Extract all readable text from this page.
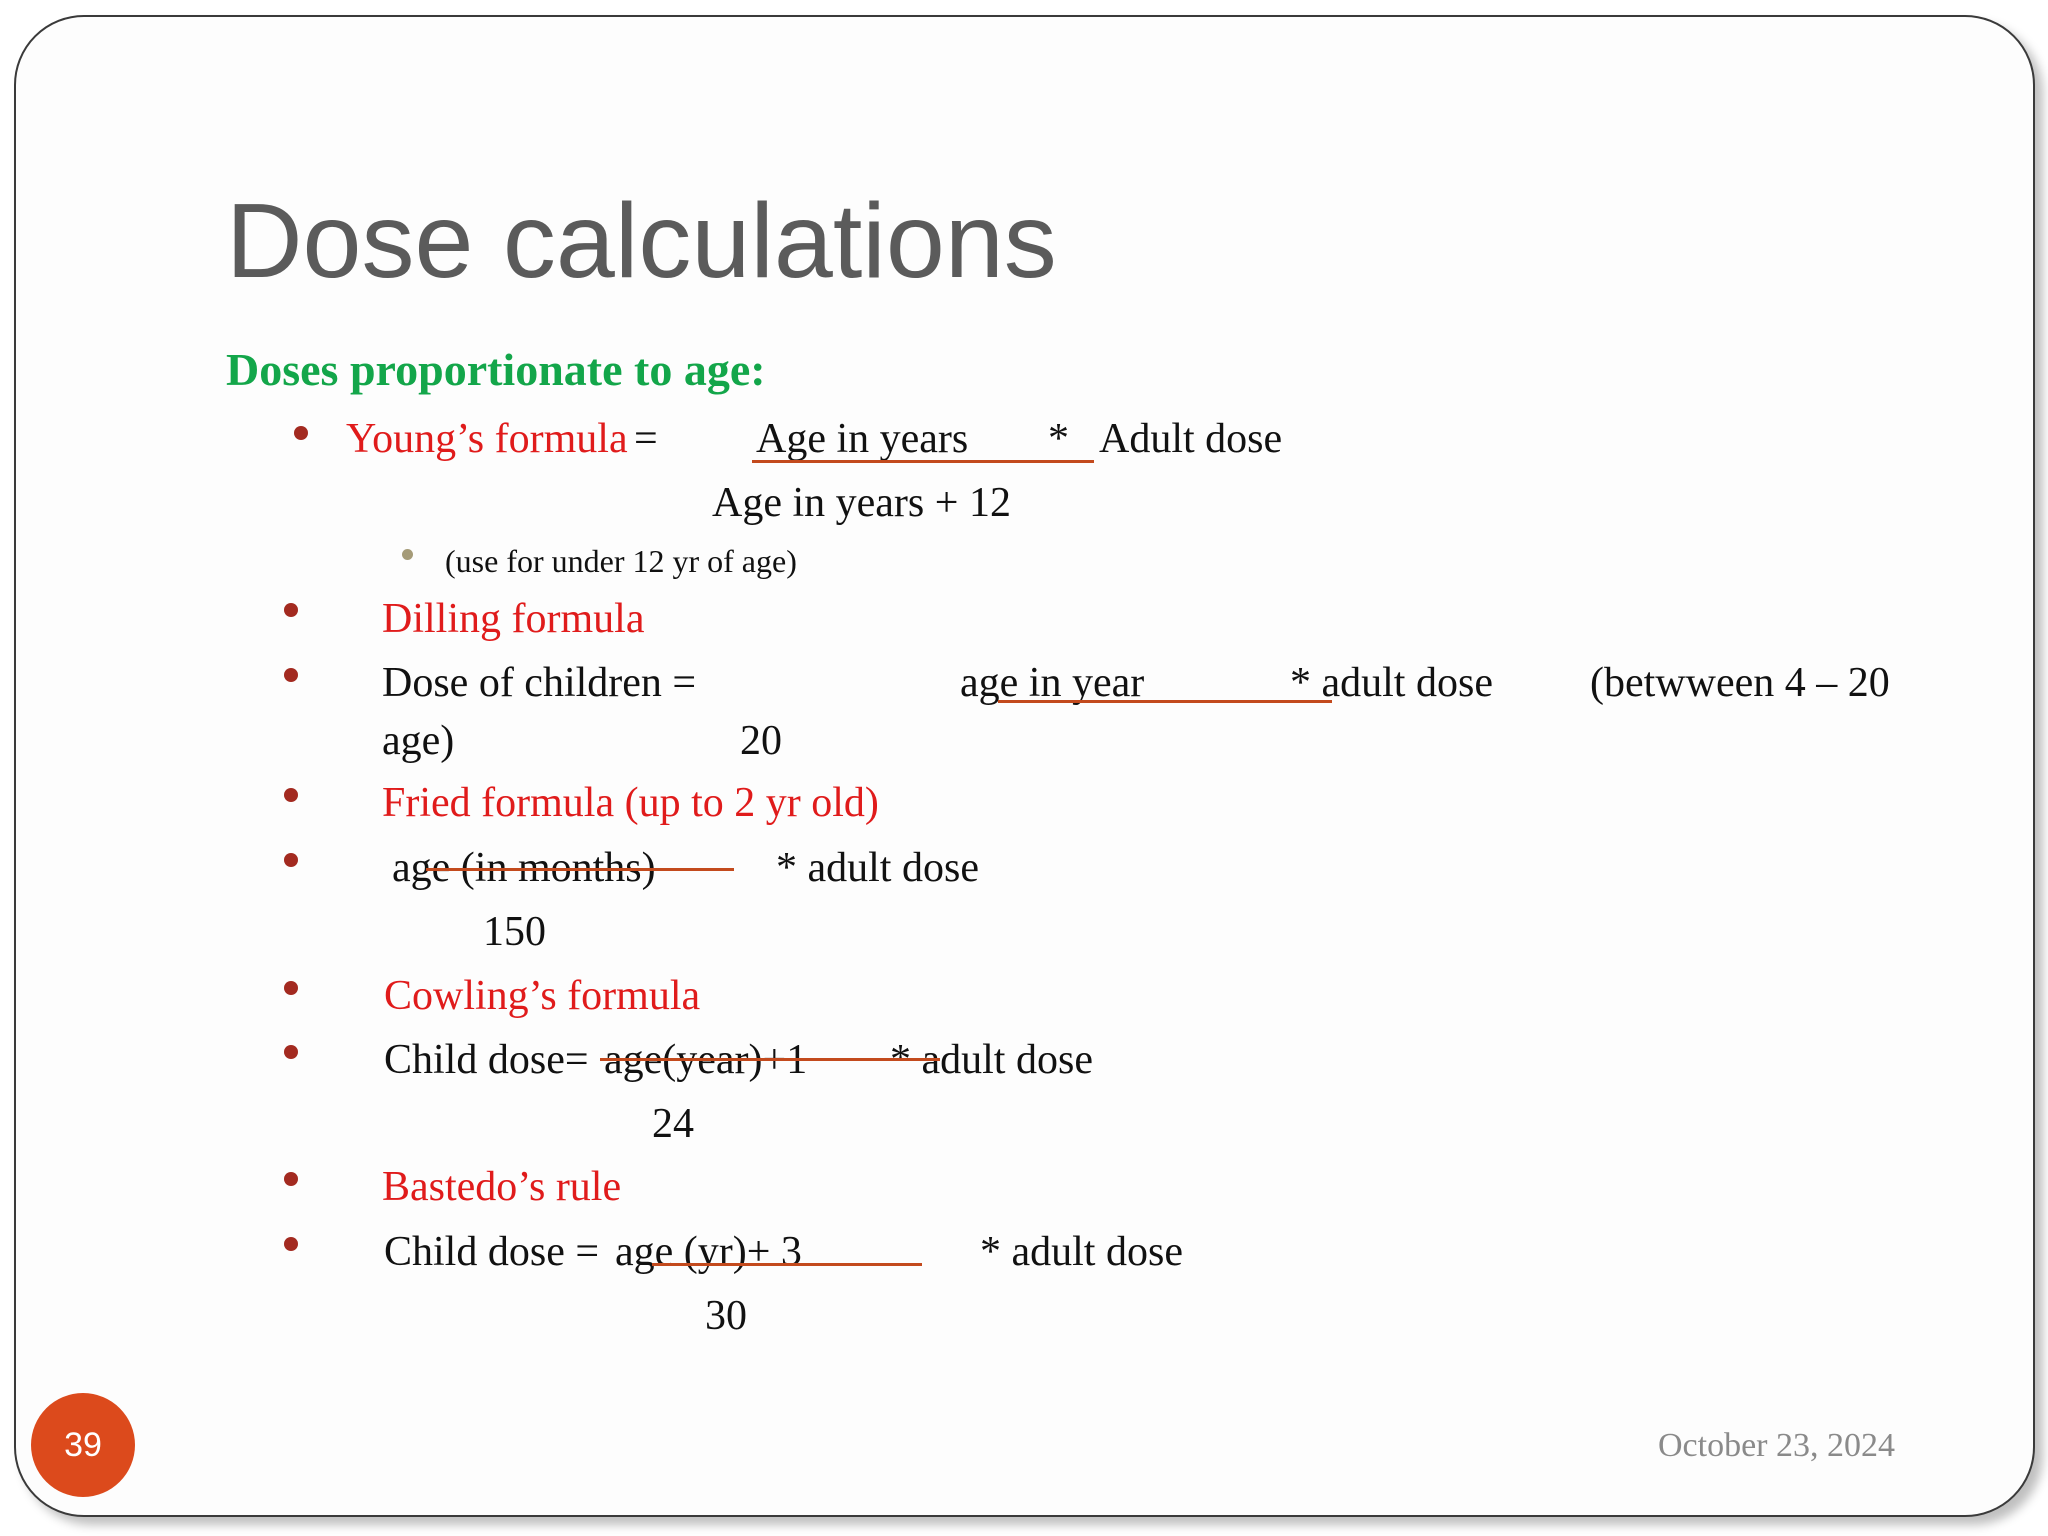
Dose calculations
Doses proportionate to age:
Young’s formula = Age in years * Adult dose
Age in years + 12
(use for under 12 yr of age)
Dilling formula
Dose of children =	age in year	* adult dose (betwween 4 – 20
age)	20
Fried formula (up to 2 yr old)
age (in months)	* adult dose
150
Cowling’s formula
Child dose= age(year)+1 * adult dose
24
Bastedo’s rule
Child dose = age (yr)+ 3	* adult dose
30
39	October 23, 2024
